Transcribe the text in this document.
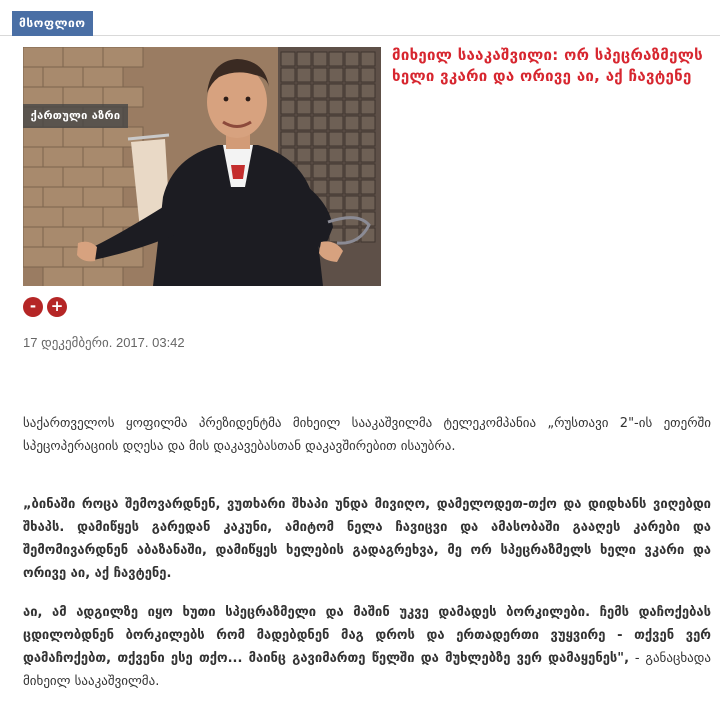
მსოფლიო
ქართული აზრი
მიხეილ სააკაშვილი: ორ სპეცრაზმელს ხელი ვკარი და ორივე აი, აქ ჩავტენე
- +
17 დეკემბერი. 2017. 03:42

საქართველოს ყოფილმა პრეზიდენტმა მიხეილ სააკაშვილმა ტელეკომპანია „რუსთავი 2"-ის ეთერში სპეცოპერაციის დღესა და მის დაკავებასთან დაკავშირებით ისაუბრა.

„ბინაში როცა შემოვარდნენ, ვუთხარი შხაპი უნდა მივიღო, დამელოდეთ-თქო და დიდხანს ვიღებდი შხაპს. დამიწყეს გარედან კაკუნი, ამიტომ ნელა ჩავიცვი და ამასობაში გააღეს კარები და შემომივარდნენ აბაზანაში, დამიწყეს ხელების გადაგრეხვა, მე ორ სპეცრაზმელს ხელი ვკარი და ორივე აი, აქ ჩავტენე.

აი, ამ ადგილზე იყო ხუთი სპეცრაზმელი და მაშინ უკვე დამადეს ბორკილები. ჩემს დაჩოქებას ცდილობდნენ ბორკილებს რომ მადებდნენ მაგ დროს და ერთადერთი ვუყვირე - თქვენ ვერ დამაჩოქებთ, თქვენი ესე თქო... მაინც გავიმართე წელში და მუხლებზე ვერ დამაყენეს", - განაცხადა მიხეილ სააკაშვილმა.
